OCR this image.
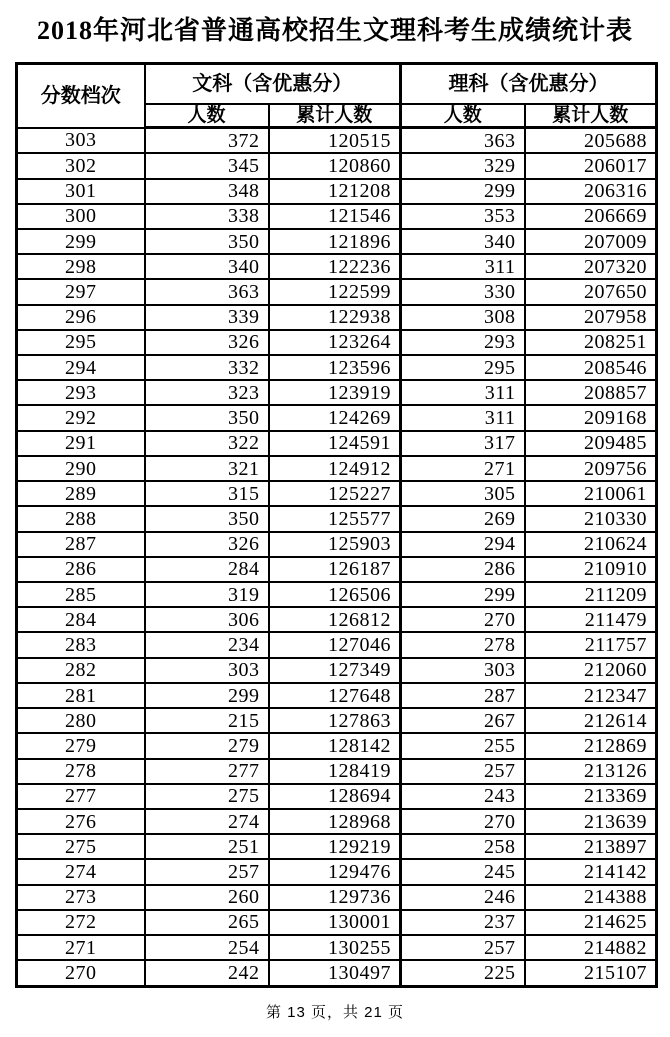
2018年河北省普通高校招生文理科考生成绩统计表
分数档次	文科（含优惠分）		理科（含优惠分）	
	人数	累计人数	人数	累计人数
303	372	120515	363	205688
302	345	120860	329	206017
301	348	121208	299	206316
300	338	121546	353	206669
299	350	121896	340	207009
298	340	122236	311	207320
297	363	122599	330	207650
296	339	122938	308	207958
295	326	123264	293	208251
294	332	123596	295	208546
293	323	123919	311	208857
292	350	124269	311	209168
291	322	124591	317	209485
290	321	124912	271	209756
289	315	125227	305	210061
288	350	125577	269	210330
287	326	125903	294	210624
286	284	126187	286	210910
285	319	126506	299	211209
284	306	126812	270	211479
283	234	127046	278	211757
282	303	127349	303	212060
281	299	127648	287	212347
280	215	127863	267	212614
279	279	128142	255	212869
278	277	128419	257	213126
277	275	128694	243	213369
276	274	128968	270	213639
275	251	129219	258	213897
274	257	129476	245	214142
273	260	129736	246	214388
272	265	130001	237	214625
271	254	130255	257	214882
270	242	130497	225	215107
第 13 页，共 21 页
